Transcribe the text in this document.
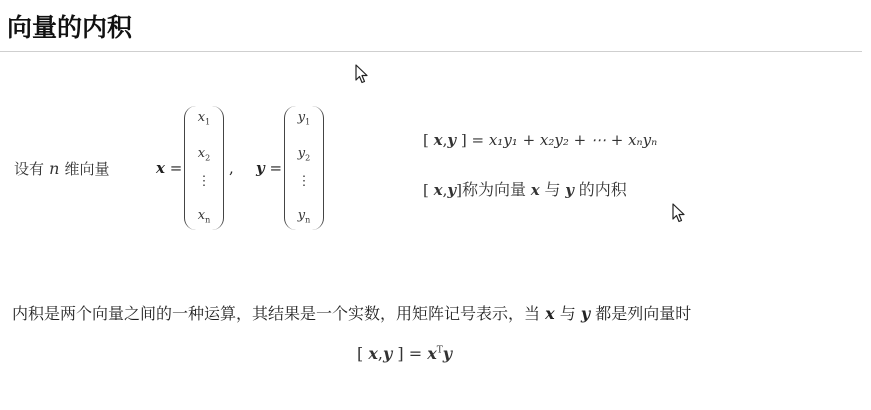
向量的内积
设有 n 维向量	x =
$x_1$
$x_2$
⋮
$x_n$
, y =
$y_1$
$y_2$
⋮
$y_n$
[ x,y ] = x₁y₁ + x₂y₂ + ⋯ + xₙyₙ
[ x,y]称为向量 x 与 y 的内积
内积是两个向量之间的一种运算，其结果是一个实数，用矩阵记号表示，当 x 与 y 都是列向量时
[ x,y ] = $x^Ty$
